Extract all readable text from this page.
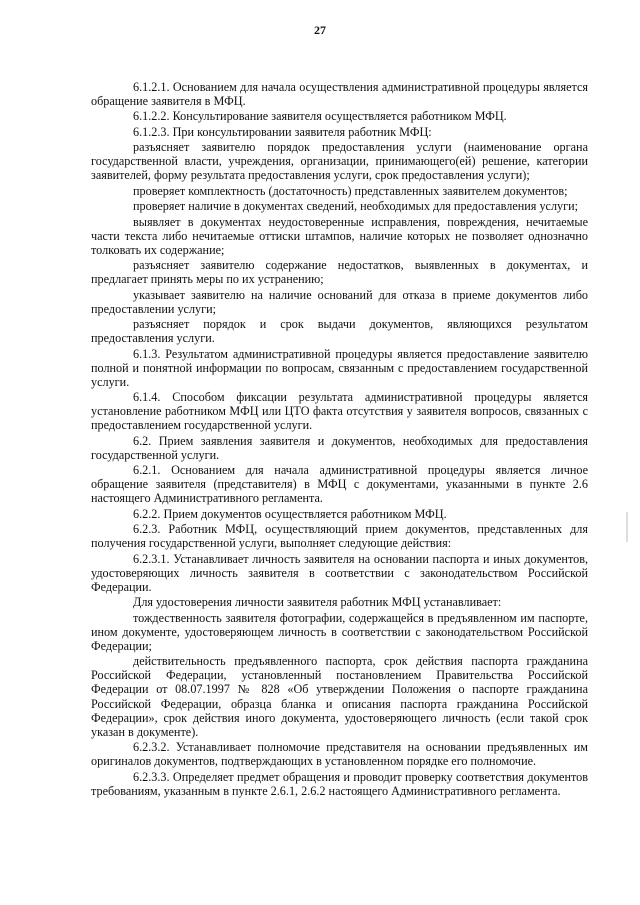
27

6.1.2.1. Основанием для начала осуществления административной процедуры является обращение заявителя в МФЦ.

6.1.2.2. Консультирование заявителя осуществляется работником МФЦ.

6.1.2.3. При консультировании заявителя работник МФЦ:

разъясняет заявителю порядок предоставления услуги (наименование органа государственной власти, учреждения, организации, принимающего(ей) решение, категории заявителей, форму результата предоставления услуги, срок предоставления услуги);

проверяет комплектность (достаточность) представленных заявителем документов;

проверяет наличие в документах сведений, необходимых для предоставления услуги;

выявляет в документах неудостоверенные исправления, повреждения, нечитаемые части текста либо нечитаемые оттиски штампов, наличие которых не позволяет однозначно толковать их содержание;

разъясняет заявителю содержание недостатков, выявленных в документах, и предлагает принять меры по их устранению;

указывает заявителю на наличие оснований для отказа в приеме документов либо предоставлении услуги;

разъясняет порядок и срок выдачи документов, являющихся результатом предоставления услуги.

6.1.3. Результатом административной процедуры является предоставление заявителю полной и понятной информации по вопросам, связанным с предоставлением государственной услуги.

6.1.4. Способом фиксации результата административной процедуры является установление работником МФЦ или ЦТО факта отсутствия у заявителя вопросов, связанных с предоставлением государственной услуги.

6.2. Прием заявления заявителя и документов, необходимых для предоставления государственной услуги.

6.2.1. Основанием для начала административной процедуры является личное обращение заявителя (представителя) в МФЦ с документами, указанными в пункте 2.6 настоящего Административного регламента.

6.2.2. Прием документов осуществляется работником МФЦ.

6.2.3. Работник МФЦ, осуществляющий прием документов, представленных для получения государственной услуги, выполняет следующие действия:

6.2.3.1. Устанавливает личность заявителя на основании паспорта и иных документов, удостоверяющих личность заявителя в соответствии с законодательством Российской Федерации.

Для удостоверения личности заявителя работник МФЦ устанавливает:

тождественность заявителя фотографии, содержащейся в предъявленном им паспорте, ином документе, удостоверяющем личность в соответствии с законодательством Российской Федерации;

действительность предъявленного паспорта, срок действия паспорта гражданина Российской Федерации, установленный постановлением Правительства Российской Федерации от 08.07.1997 № 828 «Об утверждении Положения о паспорте гражданина Российской Федерации, образца бланка и описания паспорта гражданина Российской Федерации», срок действия иного документа, удостоверяющего личность (если такой срок указан в документе).

6.2.3.2. Устанавливает полномочие представителя на основании предъявленных им оригиналов документов, подтверждающих в установленном порядке его полномочие.

6.2.3.3. Определяет предмет обращения и проводит проверку соответствия документов требованиям, указанным в пункте 2.6.1, 2.6.2 настоящего Административного регламента.
